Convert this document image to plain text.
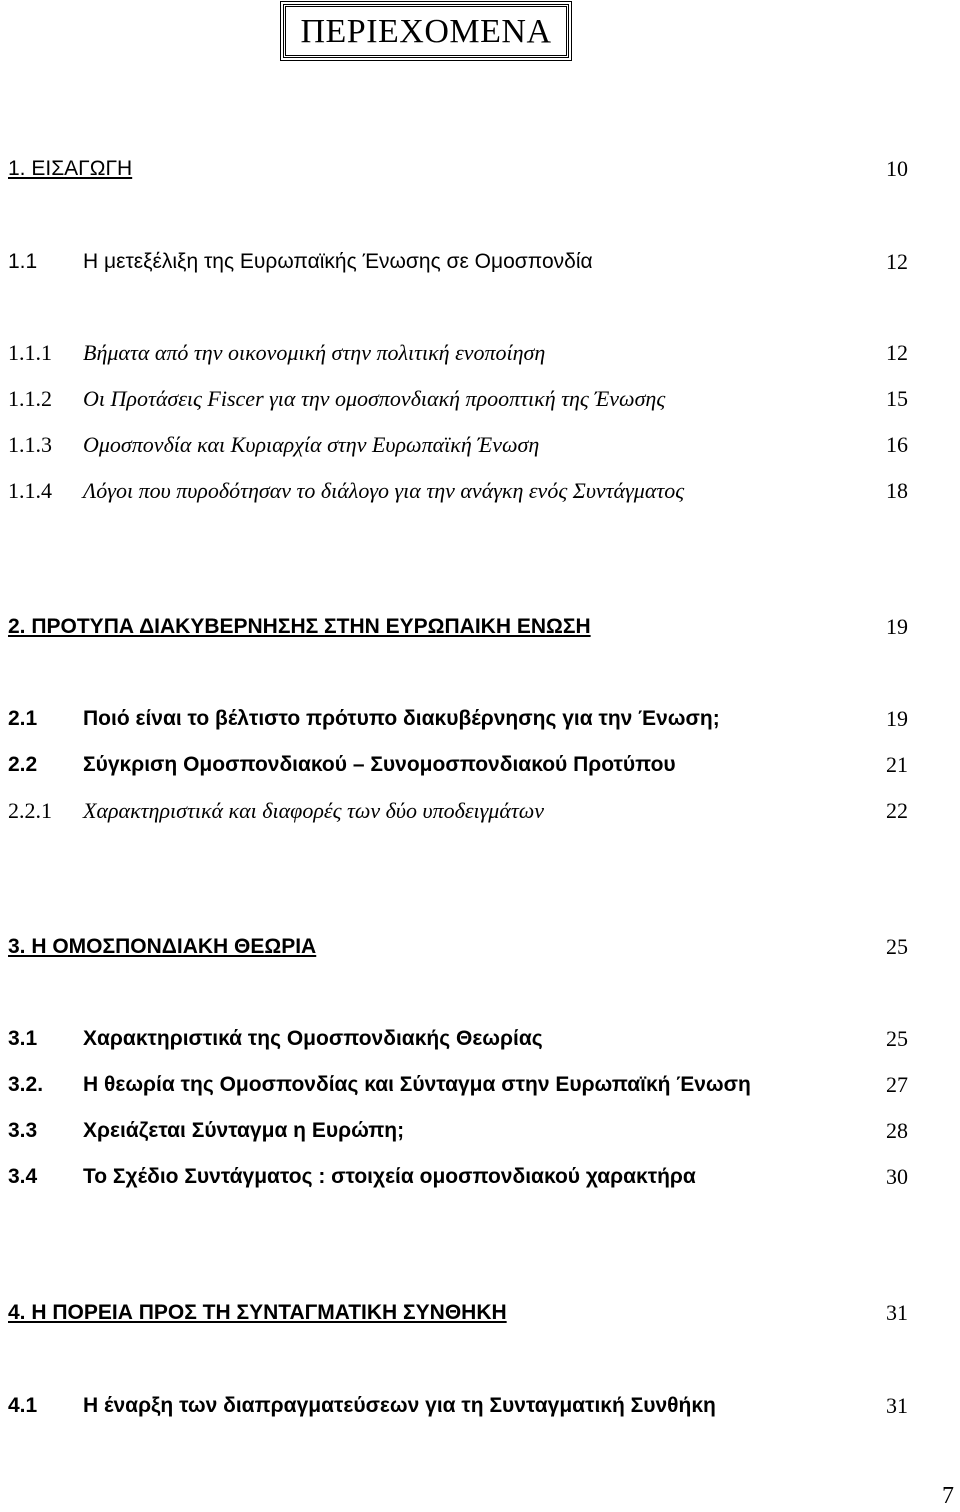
ΠΕΡΙΕΧΟΜΕΝΑ
1. ΕΙΣΑΓΩΓΗ	10
1.1 Η μετεξέλιξη της Ευρωπαϊκής Ένωσης σε Ομοσπονδία	12
1.1.1 Βήματα από την οικονομική στην πολιτική ενοποίηση	12
1.1.2 Οι Προτάσεις Fiscer για την ομοσπονδιακή προοπτική της Ένωσης	15
1.1.3 Ομοσπονδία και Κυριαρχία στην Ευρωπαϊκή Ένωση	16
1.1.4 Λόγοι που πυροδότησαν το διάλογο για την ανάγκη ενός Συντάγματος	18
2. ΠΡΟΤΥΠΑ ΔΙΑΚΥΒΕΡΝΗΣΗΣ ΣΤΗΝ ΕΥΡΩΠΑΙΚΗ ΕΝΩΣΗ	19
2.1 Ποιό είναι το βέλτιστο πρότυπο διακυβέρνησης για την Ένωση;	19
2.2 Σύγκριση Ομοσπονδιακού – Συνομοσπονδιακού Προτύπου	21
2.2.1 Χαρακτηριστικά και διαφορές των δύο υποδειγμάτων	22
3. Η ΟΜΟΣΠΟΝΔΙΑΚΗ ΘΕΩΡΙΑ	25
3.1 Χαρακτηριστικά της Ομοσπονδιακής Θεωρίας	25
3.2. Η θεωρία της Ομοσπονδίας και Σύνταγμα στην Ευρωπαϊκή Ένωση	27
3.3 Χρειάζεται Σύνταγμα η Ευρώπη;	28
3.4 Το Σχέδιο Συντάγματος : στοιχεία ομοσπονδιακού χαρακτήρα	30
4. Η ΠΟΡΕΙΑ ΠΡΟΣ ΤΗ ΣΥΝΤΑΓΜΑΤΙΚΗ ΣΥΝΘΗΚΗ	31
4.1 Η έναρξη των διαπραγματεύσεων για τη Συνταγματική Συνθήκη	31
7
